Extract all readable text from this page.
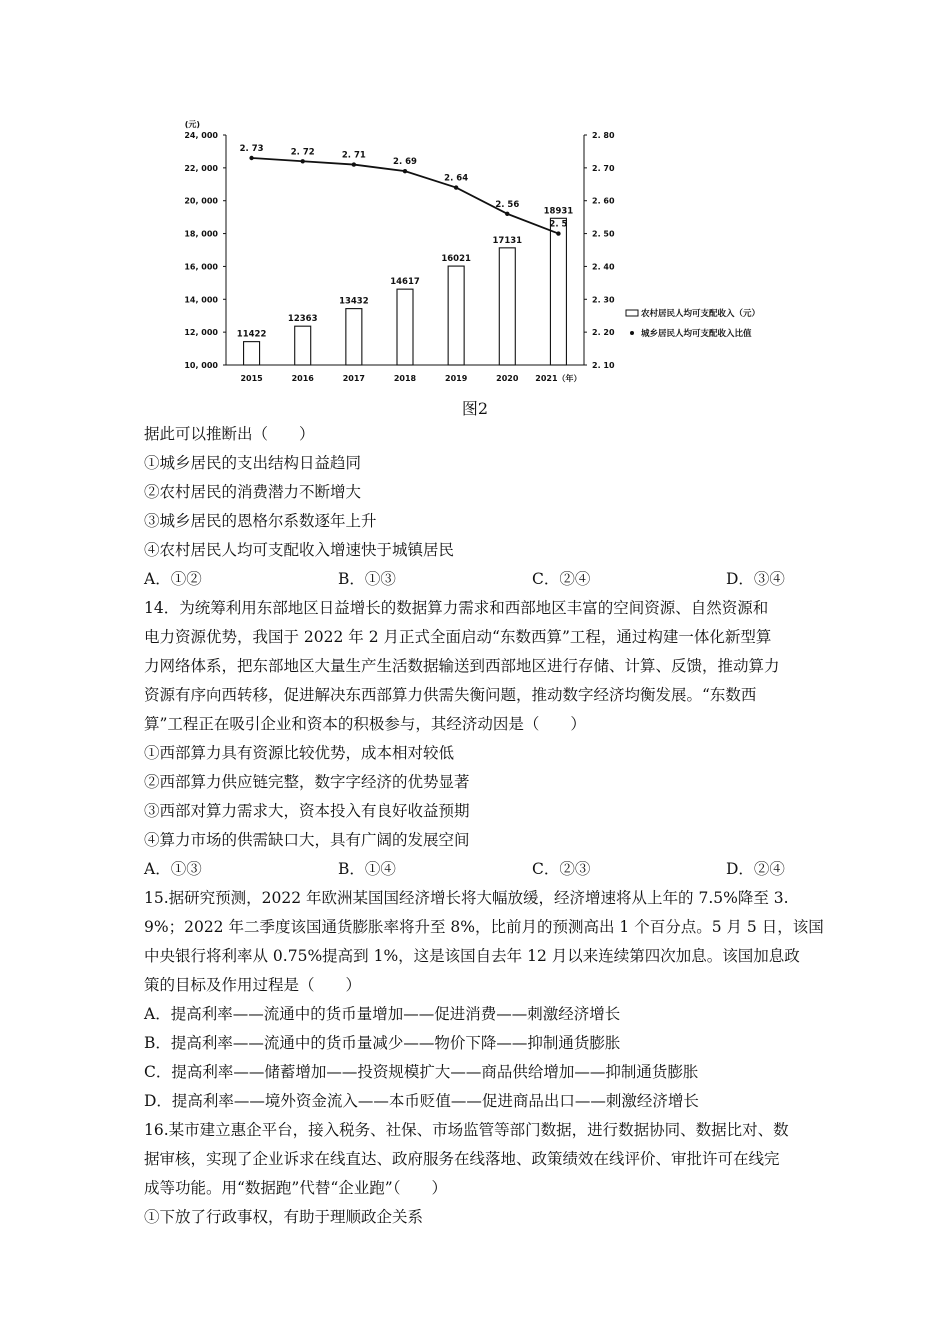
(元)
11422
12363
13432
14617
16021
17131
18931
2. 73	2. 72	2. 71
2. 69
2. 64
2. 56
2. 5
10, 000
12, 000
14, 000
16, 000
18, 000
20, 000
22, 000
24, 000
2. 10
2. 20
2. 30
2. 40
2. 50
2. 60
2. 70
2. 80
2015	2016	2017	2018	2019	2020 2021（年）
农村居民人均可支配收入（元）
城乡居民人均可支配收入比值
图2
据此可以推断出（　　）
①城乡居民的支出结构日益趋同
②农村居民的消费潜力不断增大
③城乡居民的恩格尔系数逐年上升
④农村居民人均可支配收入增速快于城镇居民
A．①②	B．①③	C．②④	D．③④
14．为统筹利用东部地区日益增长的数据算力需求和西部地区丰富的空间资源、自然资源和
电力资源优势，我国于 2022 年 2 月正式全面启动“东数西算”工程，通过构建一体化新型算
力网络体系，把东部地区大量生产生活数据输送到西部地区进行存储、计算、反馈，推动算力
资源有序向西转移，促进解决东西部算力供需失衡问题，推动数字经济均衡发展。“东数西
算”工程正在吸引企业和资本的积极参与，其经济动因是（　　）
①西部算力具有资源比较优势，成本相对较低
②西部算力供应链完整，数字字经济的优势显著
③西部对算力需求大，资本投入有良好收益预期
④算力市场的供需缺口大，具有广阔的发展空间
A．①③	B．①④	C．②③	D．②④
15.据研究预测，2022 年欧洲某国国经济增长将大幅放缓，经济增速将从上年的 7.5%降至 3.
9%；2022 年二季度该国通货膨胀率将升至 8%，比前月的预测高出 1 个百分点。5 月 5 日，该国
中央银行将利率从 0.75%提高到 1%，这是该国自去年 12 月以来连续第四次加息。该国加息政
策的目标及作用过程是（　　）
A．提高利率——流通中的货币量增加——促进消费——刺激经济增长
B．提高利率——流通中的货币量减少——物价下降——抑制通货膨胀
C．提高利率——储蓄增加——投资规模扩大——商品供给增加——抑制通货膨胀
D．提高利率——境外资金流入——本币贬值——促进商品出口——刺激经济增长
16.某市建立惠企平台，接入税务、社保、市场监管等部门数据，进行数据协同、数据比对、数
据审核，实现了企业诉求在线直达、政府服务在线落地、政策绩效在线评价、审批许可在线完
成等功能。用“数据跑”代替“企业跑”（　　）
①下放了行政事权，有助于理顺政企关系
